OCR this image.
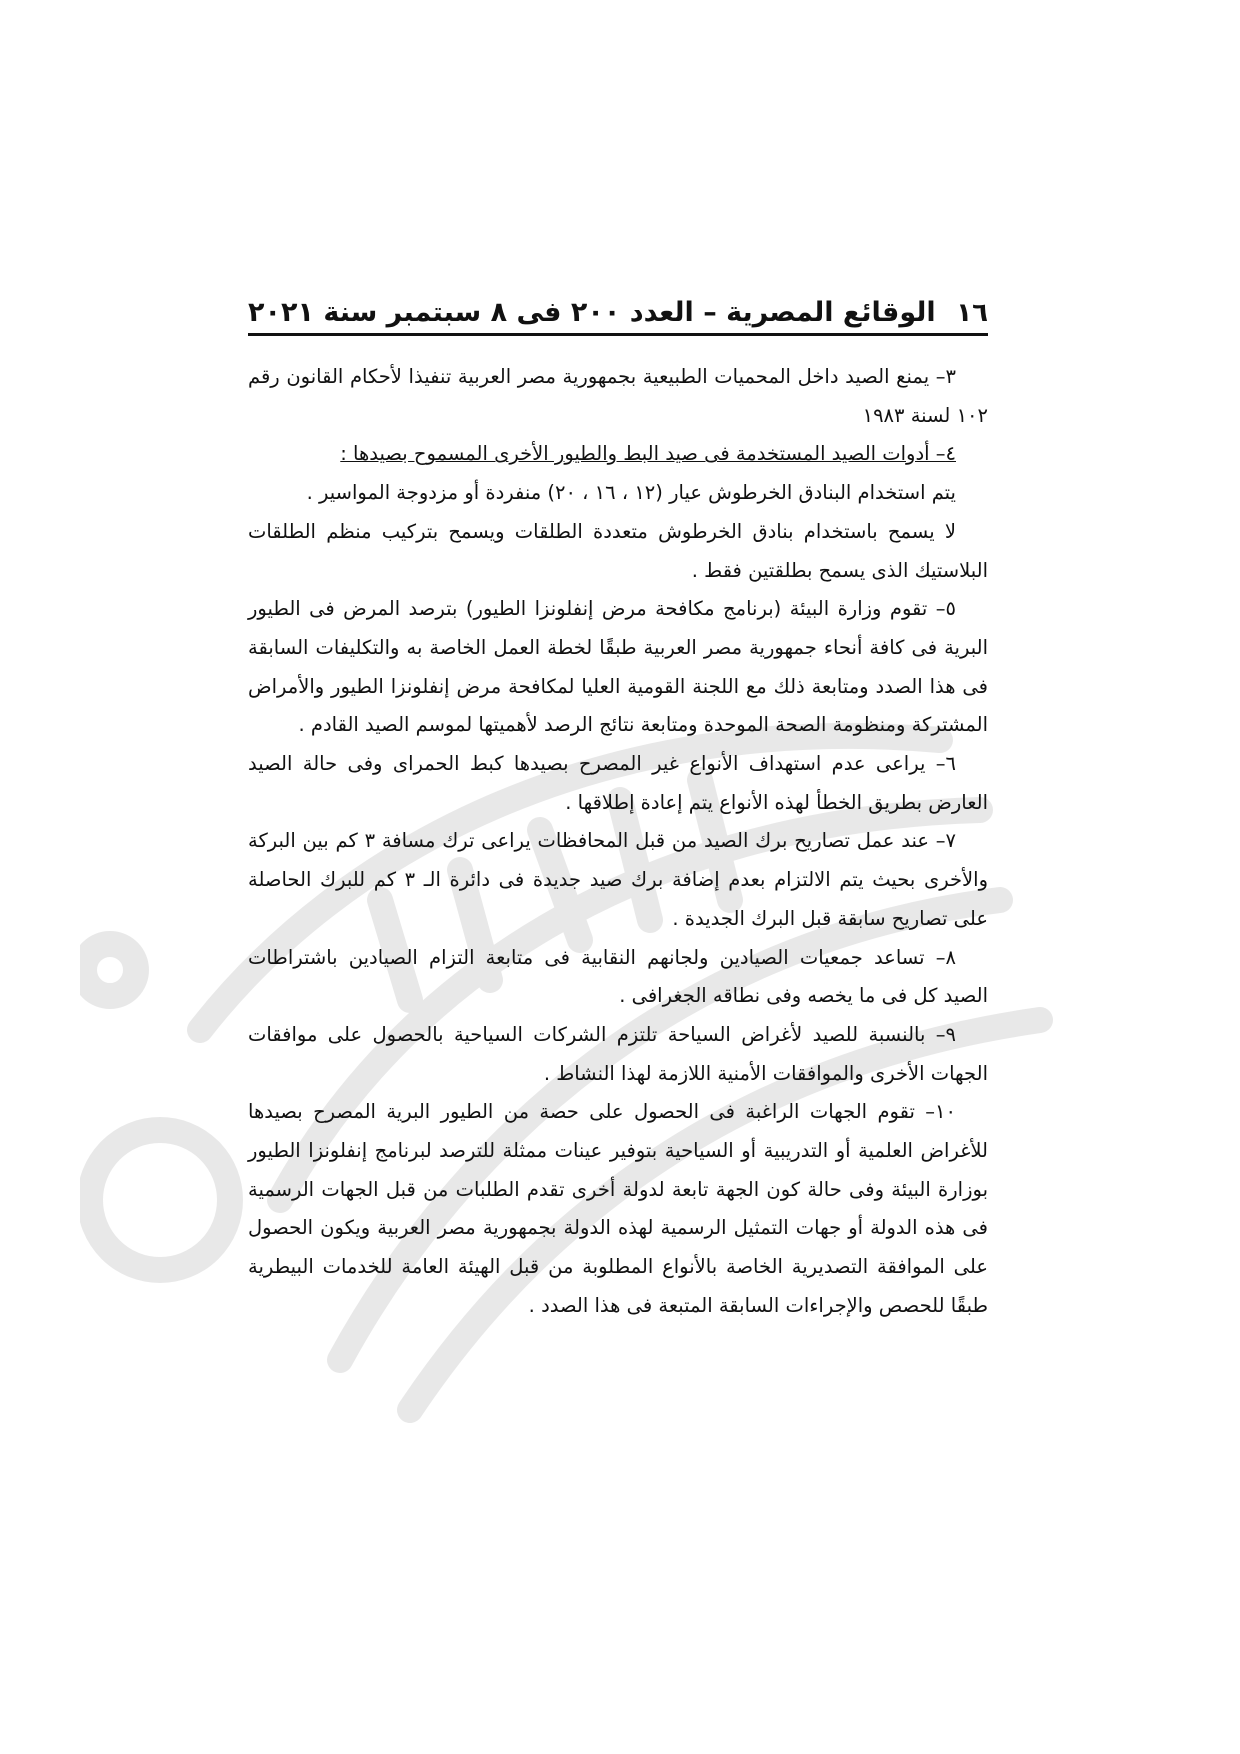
١٦
الوقائع المصرية – العدد ٢٠٠ فى ٨ سبتمبر سنة ٢٠٢١

٣– يمنع الصيد داخل المحميات الطبيعية بجمهورية مصر العربية تنفيذا لأحكام القانون رقم ١٠٢ لسنة ١٩٨٣

٤– أدوات الصيد المستخدمة فى صيد البط والطيور الأخرى المسموح بصيدها :

يتم استخدام البنادق الخرطوش عيار (١٢ ، ١٦ ، ٢٠) منفردة أو مزدوجة المواسير .

لا يسمح باستخدام بنادق الخرطوش متعددة الطلقات ويسمح بتركيب منظم الطلقات البلاستيك الذى يسمح بطلقتين فقط .

٥– تقوم وزارة البيئة (برنامج مكافحة مرض إنفلونزا الطيور) بترصد المرض فى الطيور البرية فى كافة أنحاء جمهورية مصر العربية طبقًا لخطة العمل الخاصة به والتكليفات السابقة فى هذا الصدد ومتابعة ذلك مع اللجنة القومية العليا لمكافحة مرض إنفلونزا الطيور والأمراض المشتركة ومنظومة الصحة الموحدة ومتابعة نتائج الرصد لأهميتها لموسم الصيد القادم .

٦– يراعى عدم استهداف الأنواع غير المصرح بصيدها كبط الحمراى وفى حالة الصيد العارض بطريق الخطأ لهذه الأنواع يتم إعادة إطلاقها .

٧– عند عمل تصاريح برك الصيد من قبل المحافظات يراعى ترك مسافة ٣ كم بين البركة والأخرى بحيث يتم الالتزام بعدم إضافة برك صيد جديدة فى دائرة الـ ٣ كم للبرك الحاصلة على تصاريح سابقة قبل البرك الجديدة .

٨– تساعد جمعيات الصيادين ولجانهم النقابية فى متابعة التزام الصيادين باشتراطات الصيد كل فى ما يخصه وفى نطاقه الجغرافى .

٩– بالنسبة للصيد لأغراض السياحة تلتزم الشركات السياحية بالحصول على موافقات الجهات الأخرى والموافقات الأمنية اللازمة لهذا النشاط .

١٠– تقوم الجهات الراغبة فى الحصول على حصة من الطيور البرية المصرح بصيدها للأغراض العلمية أو التدريبية أو السياحية بتوفير عينات ممثلة للترصد لبرنامج إنفلونزا الطيور بوزارة البيئة وفى حالة كون الجهة تابعة لدولة أخرى تقدم الطلبات من قبل الجهات الرسمية فى هذه الدولة أو جهات التمثيل الرسمية لهذه الدولة بجمهورية مصر العربية ويكون الحصول على الموافقة التصديرية الخاصة بالأنواع المطلوبة من قبل الهيئة العامة للخدمات البيطرية طبقًا للحصص والإجراءات السابقة المتبعة فى هذا الصدد .
